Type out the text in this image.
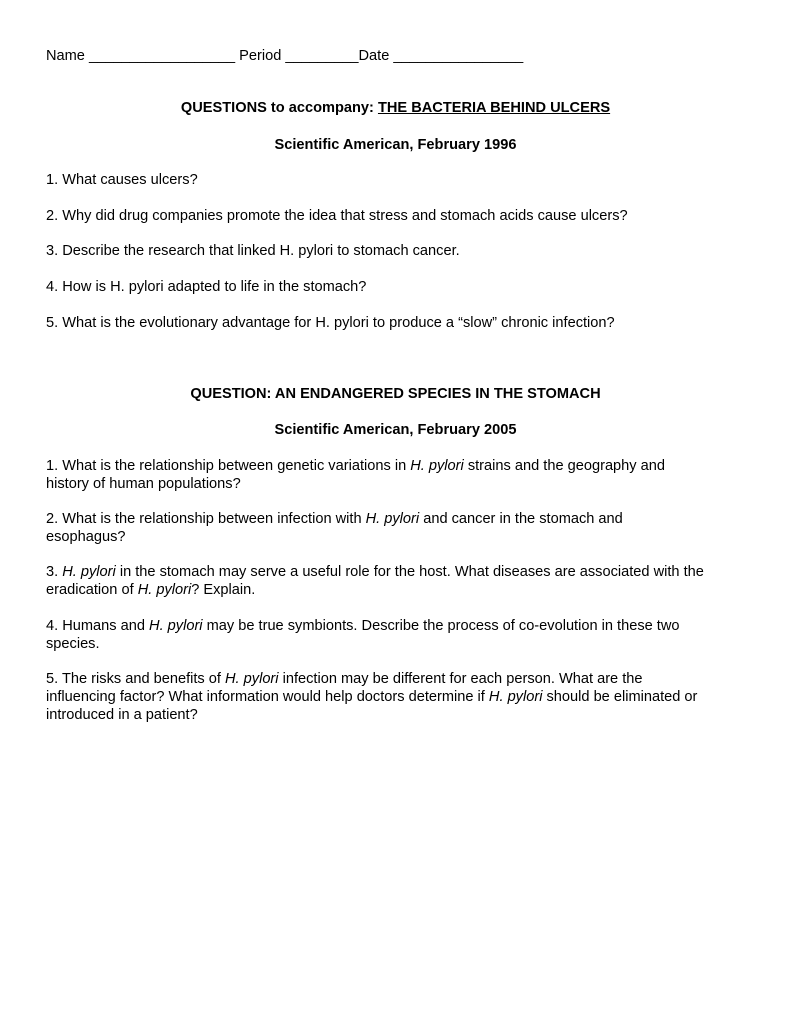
Name __________________ Period _________Date ________________
QUESTIONS to accompany: THE BACTERIA BEHIND ULCERS
Scientific American, February 1996
1. What causes ulcers?
2. Why did drug companies promote the idea that stress and stomach acids cause ulcers?
3. Describe the research that linked H. pylori to stomach cancer.
4. How is H. pylori adapted to life in the stomach?
5. What is the evolutionary advantage for H. pylori to produce a “slow” chronic infection?
QUESTION: AN ENDANGERED SPECIES IN THE STOMACH
Scientific American, February 2005
1. What is the relationship between genetic variations in H. pylori strains and the geography and history of human populations?
2. What is the relationship between infection with H. pylori and cancer in the stomach and esophagus?
3. H. pylori in the stomach may serve a useful role for the host. What diseases are associated with the eradication of H. pylori? Explain.
4. Humans and H. pylori may be true symbionts. Describe the process of co-evolution in these two species.
5. The risks and benefits of H. pylori infection may be different for each person. What are the influencing factor? What information would help doctors determine if H. pylori should be eliminated or introduced in a patient?
